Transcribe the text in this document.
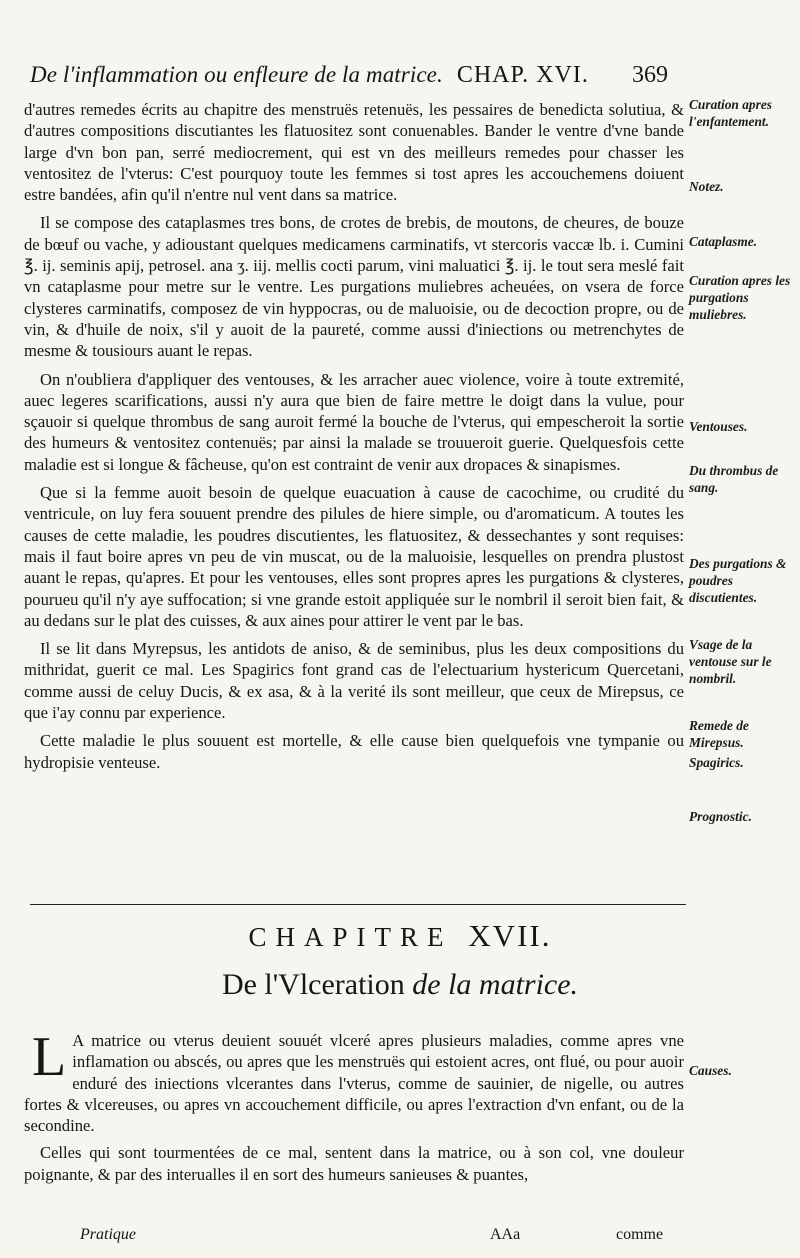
De l'inflammation ou enfleure de la matrice. CHAP. XVI. 369

d'autres remedes écrits au chapitre des menstruës retenuës, les pessaires de benedicta solutiua, & d'autres compositions discutiantes les flatuositez sont conuenables. Bander le ventre d'vne bande large d'vn bon pan, serré mediocrement, qui est vn des meilleurs remedes pour chasser les ventositez de l'vterus: C'est pourquoy toute les femmes si tost apres les accouchemens doiuent estre bandées, afin qu'il n'entre nul vent dans sa matrice.

Il se compose des cataplasmes tres bons, de crotes de brebis, de moutons, de cheures, de bouze de bœuf ou vache, y adioustant quelques medicamens carminatifs, vt stercoris vaccæ lb. i. Cumini ℥. ij. seminis apij, petrosel. ana ʒ. iij. mellis cocti parum, vini maluatici ℥. ij. le tout sera meslé fait vn cataplasme pour metre sur le ventre. Les purgations muliebres acheuées, on vsera de force clysteres carminatifs, composez de vin hyppocras, ou de maluoisie, ou de decoction propre, ou de vin, & d'huile de noix, s'il y auoit de la paureté, comme aussi d'iniections ou metrenchytes de mesme & tousiours auant le repas.

On n'oubliera d'appliquer des ventouses, & les arracher auec violence, voire à toute extremité, auec legeres scarifications, aussi n'y aura que bien de faire mettre le doigt dans la vulue, pour sçauoir si quelque thrombus de sang auroit fermé la bouche de l'vterus, qui empescheroit la sortie des humeurs & ventositez contenuës; par ainsi la malade se trouueroit guerie. Quelquesfois cette maladie est si longue & fâcheuse, qu'on est contraint de venir aux dropaces & sinapismes.

Que si la femme auoit besoin de quelque euacuation à cause de cacochime, ou crudité du ventricule, on luy fera souuent prendre des pilules de hiere simple, ou d'aromaticum. A toutes les causes de cette maladie, les poudres discutientes, les flatuositez, & dessechantes y sont requises: mais il faut boire apres vn peu de vin muscat, ou de la maluoisie, lesquelles on prendra plustost auant le repas, qu'apres. Et pour les ventouses, elles sont propres apres les purgations & clysteres, pourueu qu'il n'y aye suffocation; si vne grande estoit appliquée sur le nombril il seroit bien fait, & au dedans sur le plat des cuisses, & aux aines pour attirer le vent par le bas.

Il se lit dans Myrepsus, les antidots de aniso, & de seminibus, plus les deux compositions du mithridat, guerit ce mal. Les Spagirics font grand cas de l'electuarium hystericum Quercetani, comme aussi de celuy Ducis, & ex asa, & à la verité ils sont meilleur, que ceux de Mirepsus, ce que i'ay connu par experience.

Cette maladie le plus souuent est mortelle, & elle cause bien quelquefois vne tympanie ou hydropisie venteuse.

Curation apres l'enfantement.
Notez.
Cataplasme.
Curation apres les purgations muliebres.
Ventouses.
Du thrombus de sang.
Des purgations & poudres discutientes.
Vsage de la ventouse sur le nombril.
Remede de Mirepsus.
Spagirics.
Prognostic.
Causes.
CHAPITRE XVII.
De l'Vlceration de la matrice.

L A matrice ou vterus deuient souuét vlceré apres plusieurs maladies, comme apres vne inflamation ou abscés, ou apres que les menstruës qui estoient acres, ont flué, ou pour auoir enduré des iniections vlcerantes dans l'vterus, comme de sauinier, de nigelle, ou autres fortes & vlcereuses, ou apres vn accouchement difficile, ou apres l'extraction d'vn enfant, ou de la secondine.

Celles qui sont tourmentées de ce mal, sentent dans la matrice, ou à son col, vne douleur poignante, & par des interualles il en sort des humeurs sanieuses & puantes,

Pratique	AAa	comme
